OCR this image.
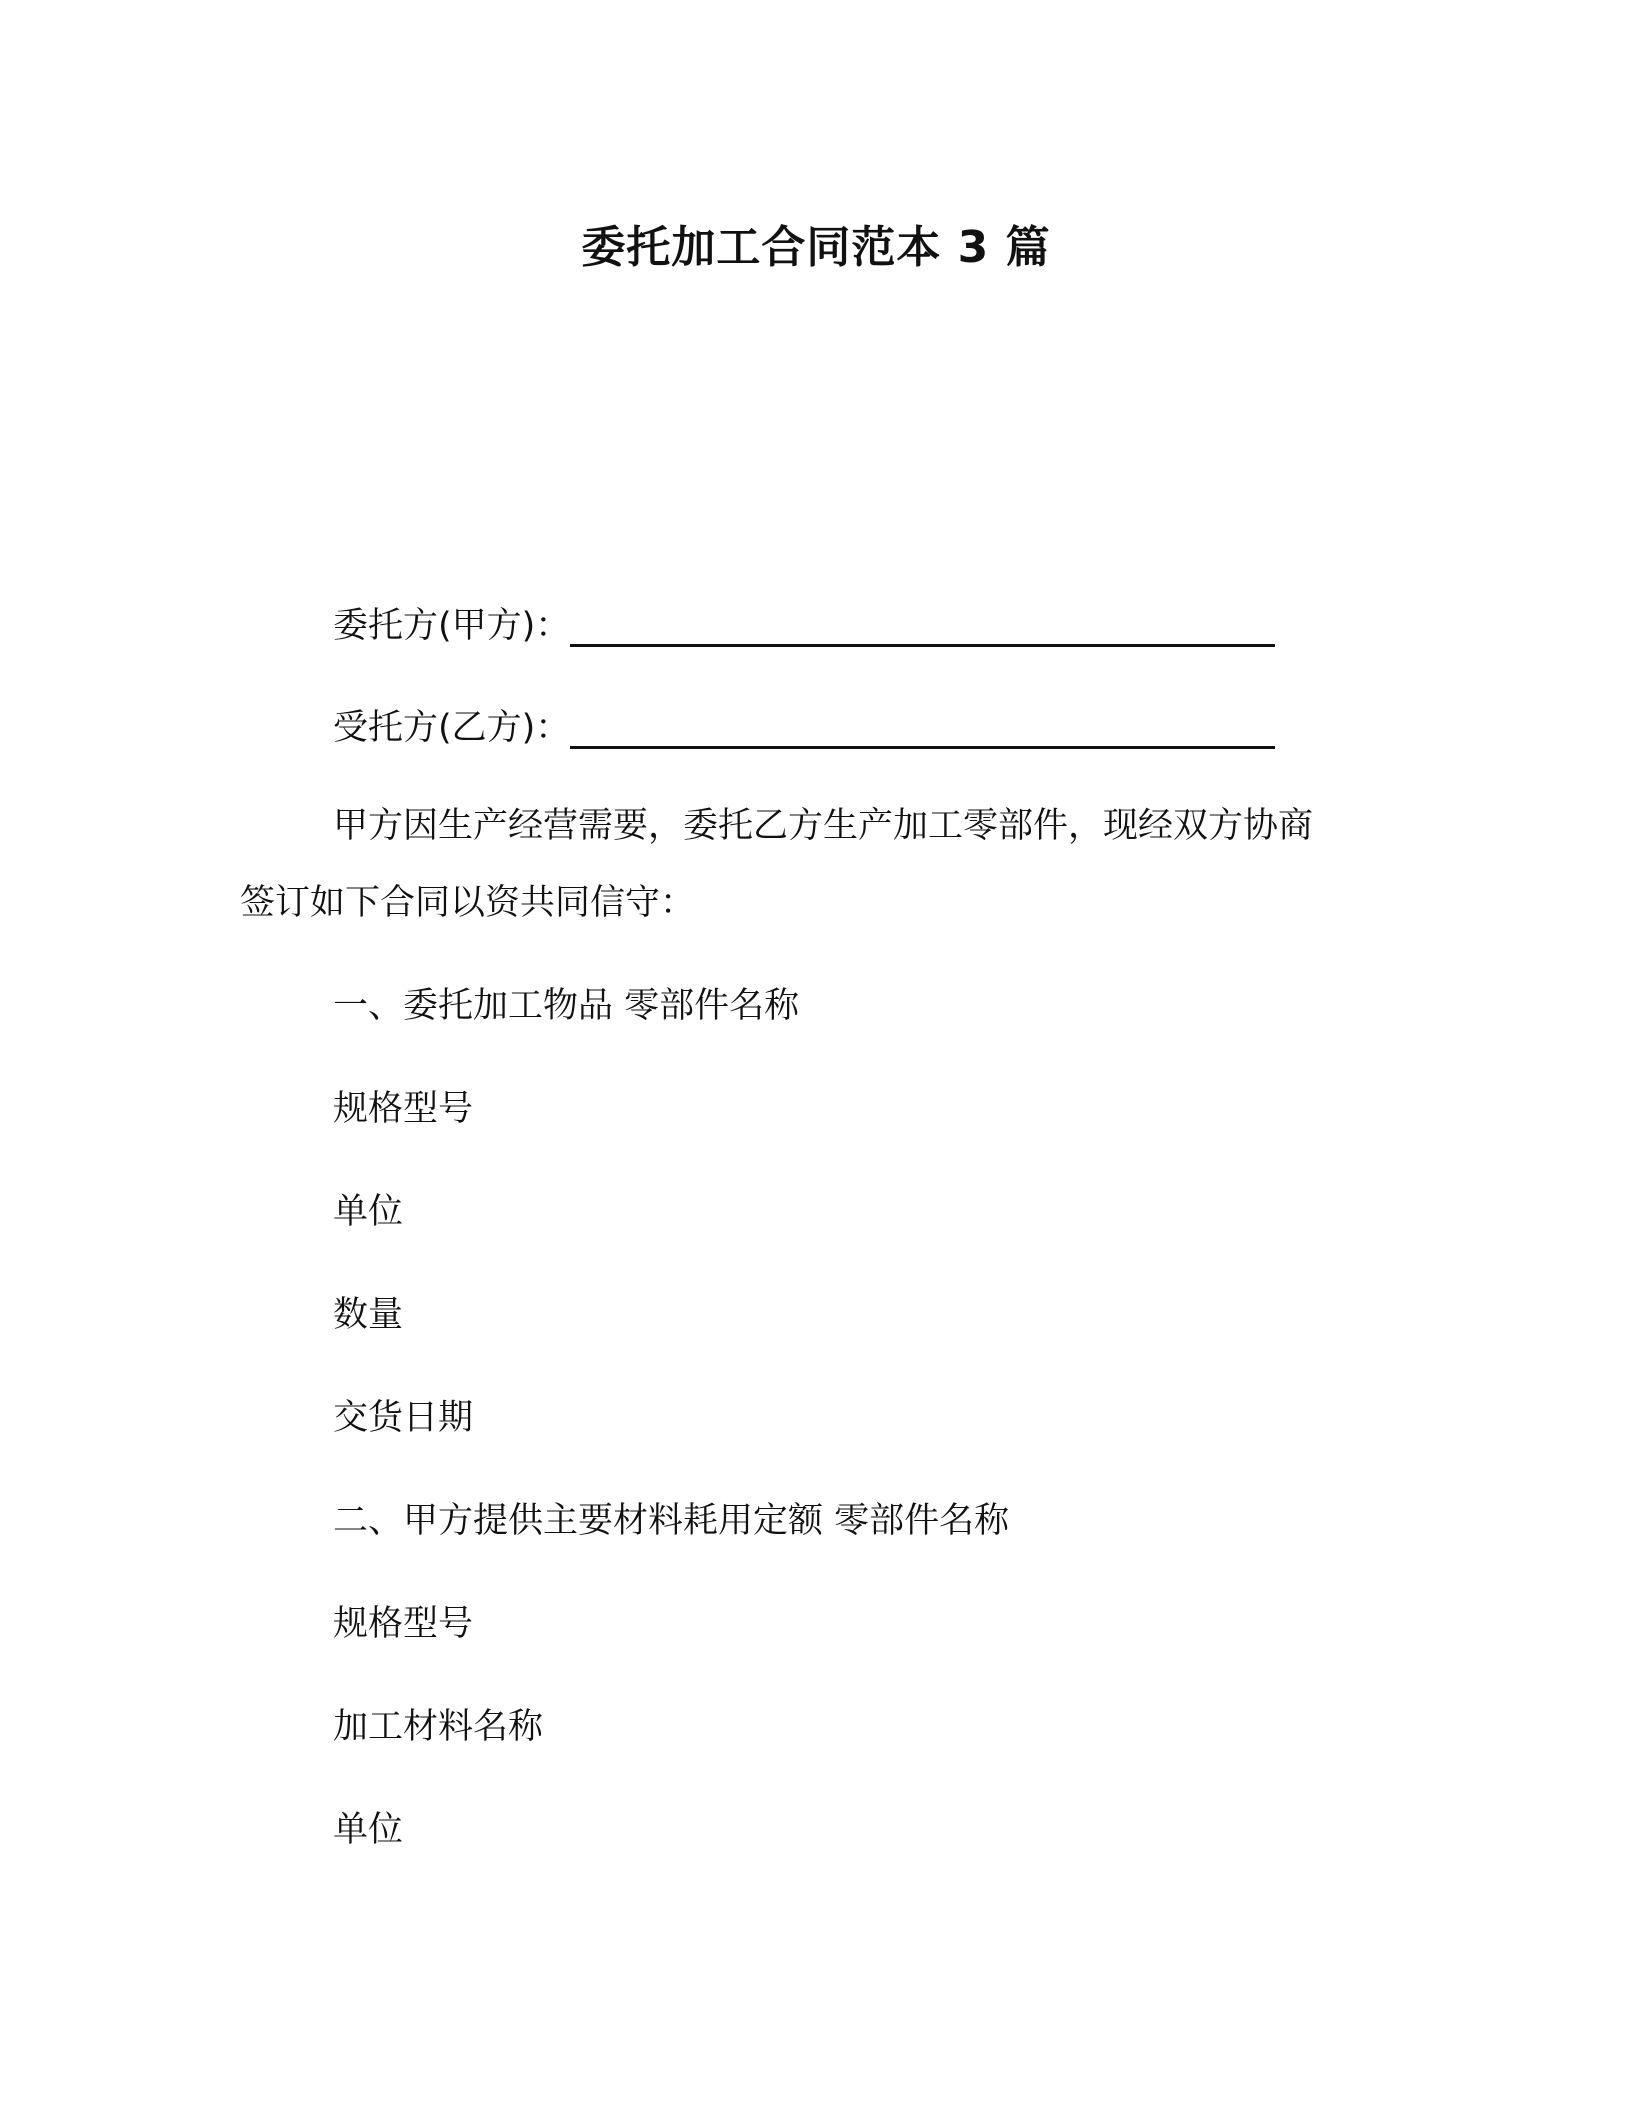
委托加工合同范本 3 篇
委托方(甲方)：
受托方(乙方)：
甲方因生产经营需要，委托乙方生产加工零部件，现经双方协商
签订如下合同以资共同信守：
一、委托加工物品 零部件名称
规格型号
单位
数量
交货日期
二、甲方提供主要材料耗用定额 零部件名称
规格型号
加工材料名称
单位
